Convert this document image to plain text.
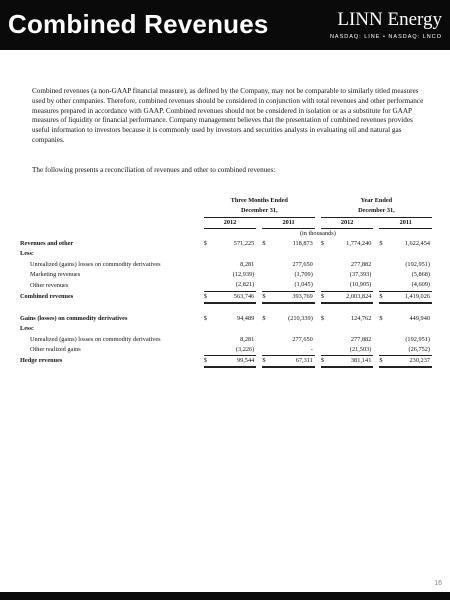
Combined Revenues	LINN Energy
NASDAQ: LINE • NASDAQ: LNCO

Combined revenues (a non-GAAP financial measure), as defined by the Company, may not be comparable to similarly titled measures used by other companies. Therefore, combined revenues should be considered in conjunction with total revenues and other performance measures prepared in accordance with GAAP. Combined revenues should not be considered in isolation or as a substitute for GAAP measures of liquidity or financial performance. Company management believes that the presentation of combined revenues provides useful information to investors because it is commonly used by investors and securities analysts in evaluating oil and natural gas companies.

The following presents a reconciliation of revenues and other to combined revenues:

		Three Months Ended						Year Ended				
		December 31,						December 31,				
		2012			2011			2012			2011	
		(in thousands)										
Revenues and other		$	571,225		$	118,873		$	1,774,240		$	1,622,454
Less:												
Unrealized (gains) losses on commodity derivatives			8,281			277,650			277,882			(192,951)
Marketing revenues			(12,939)			(1,709)			(37,393)			(5,868)
Other revenues			(2,821)			(1,045)			(10,905)			(4,609)
Combined revenues		$	563,746		$	393,769		$	2,003,824		$	1,419,026

Gains (losses) on commodity derivatives		$	94,489		$	(210,339)		$	124,762		$	449,940
Less:												
Unrealized (gains) losses on commodity derivatives			8,281			277,650			277,882			(192,951)
Other realized gains			(3,226)			-			(21,503)			(26,752)
Hedge revenues		$	99,544		$	67,311		$	381,141		$	230,237
16
